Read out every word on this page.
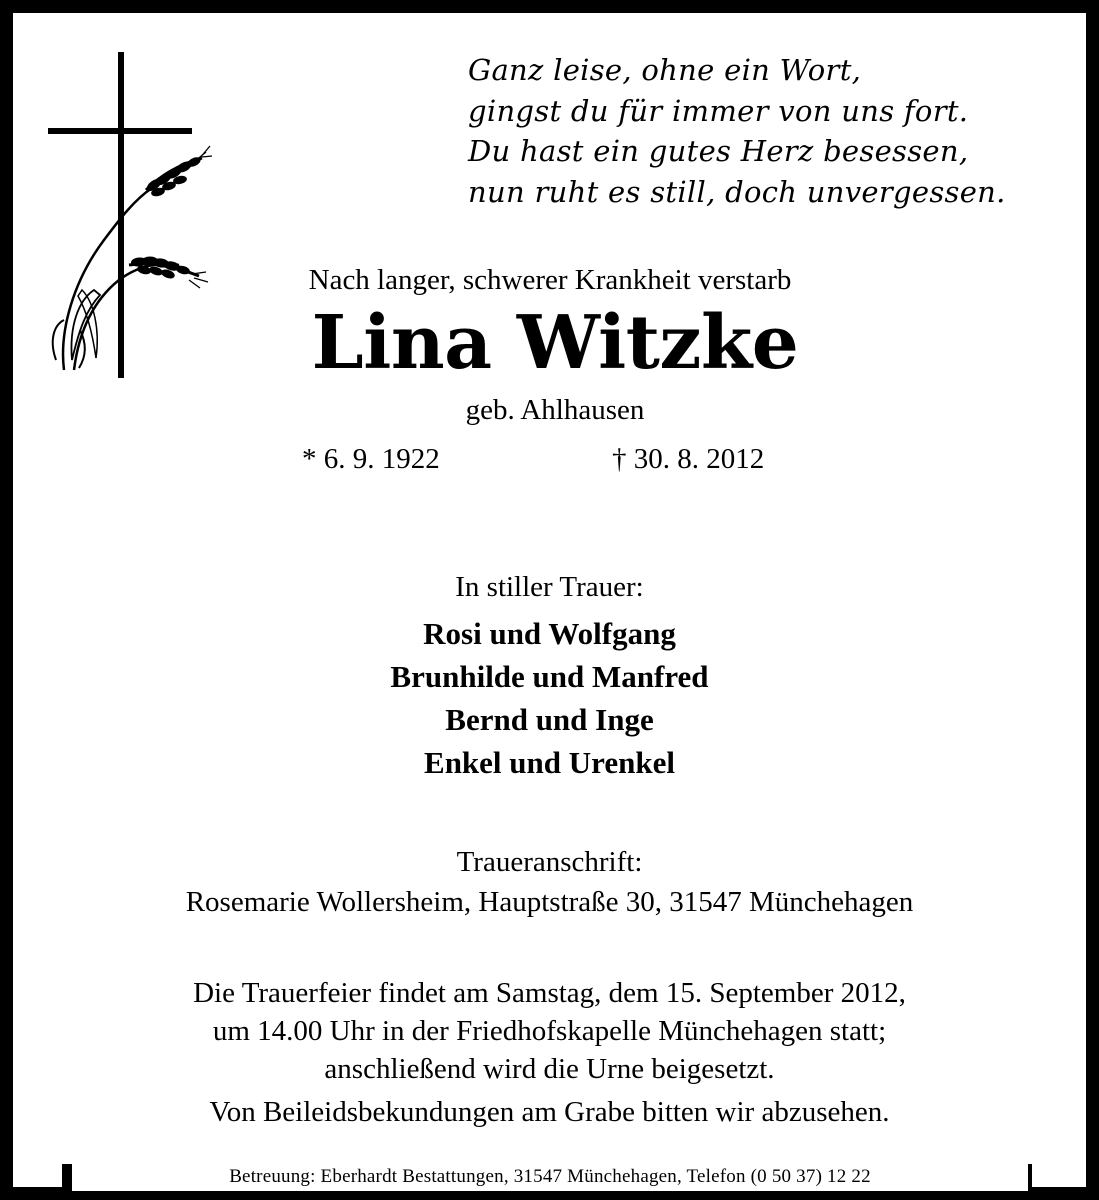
Ganz leise, ohne ein Wort,
gingst du für immer von uns fort.
Du hast ein gutes Herz besessen,
nun ruht es still, doch unvergessen.
Nach langer, schwerer Krankheit verstarb
Lina Witzke
geb. Ahlhausen
* 6. 9. 1922	† 30. 8. 2012
In stiller Trauer:
Rosi und Wolfgang
Brunhilde und Manfred
Bernd und Inge
Enkel und Urenkel
Traueranschrift:
Rosemarie Wollersheim, Hauptstraße 30, 31547 Münchehagen
Die Trauerfeier findet am Samstag, dem 15. September 2012,
um 14.00 Uhr in der Friedhofskapelle Münchehagen statt;
anschließend wird die Urne beigesetzt.
Von Beileidsbekundungen am Grabe bitten wir abzusehen.
Betreuung: Eberhardt Bestattungen, 31547 Münchehagen, Telefon (0 50 37) 12 22
